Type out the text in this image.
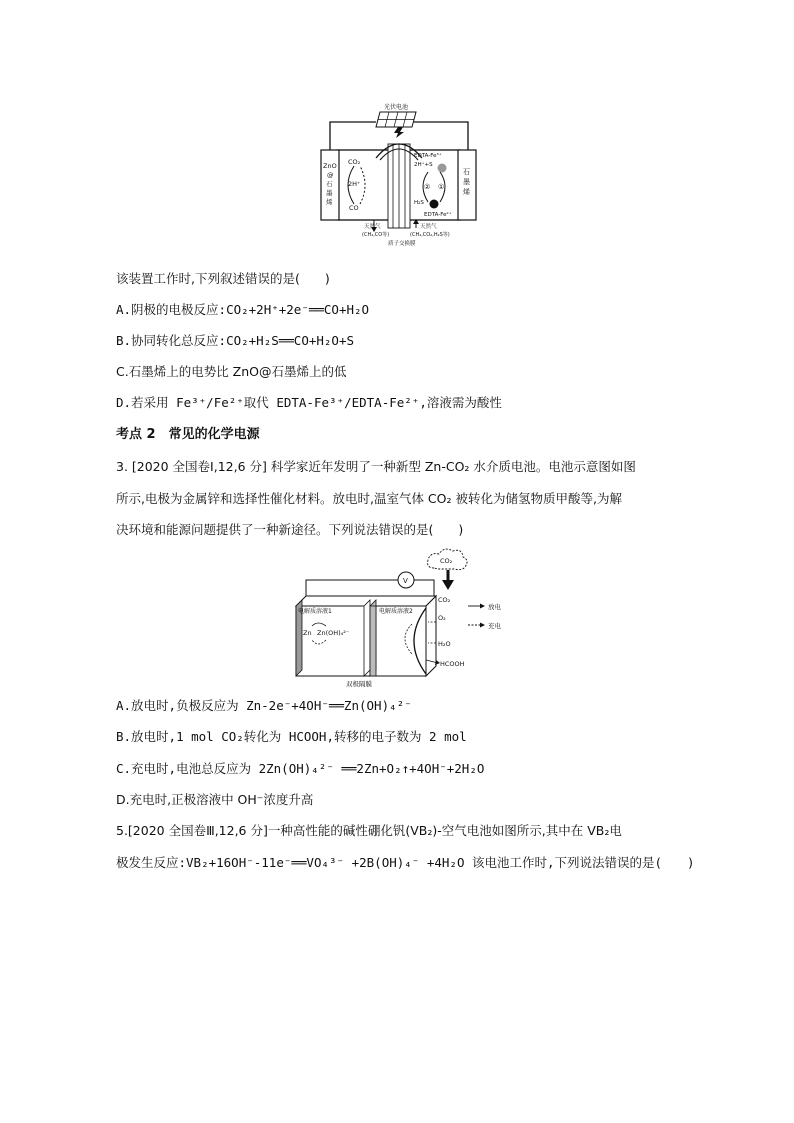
光伏电池
ZnO @ 石 墨 烯
石 墨 烯
CO₂
2H⁺
CO
EDTA-Fe³⁺
2H⁺+S
② ①
H₂S
EDTA-Fe²⁺
天然气
(CH₄,CO等)
天然气
(CH₄,CO₂,H₂S等)
质子交换膜
该装置工作时,下列叙述错误的是(　　)
A.阴极的电极反应:CO₂+2H⁺+2e⁻══CO+H₂O
B.协同转化总反应:CO₂+H₂S══CO+H₂O+S
C.石墨烯上的电势比 ZnO@石墨烯上的低
D.若采用 Fe³⁺/Fe²⁺取代 EDTA-Fe³⁺/EDTA-Fe²⁺,溶液需为酸性
考点 2　常见的化学电源
3. [2020 全国卷Ⅰ,12,6 分] 科学家近年发明了一种新型 Zn-CO₂ 水介质电池。电池示意图如图
所示,电极为金属锌和选择性催化材料。放电时,温室气体 CO₂ 被转化为储氢物质甲酸等,为解
决环境和能源问题提供了一种新途径。下列说法错误的是(　　)
CO₂
V
电解质溶液1	电解质溶液2
Zn Zn(OH)₄²⁻
CO₂
O₂
H₂O
HCOOH
放电
充电
双极隔膜
A.放电时,负极反应为 Zn-2e⁻+4OH⁻══Zn(OH)₄²⁻
B.放电时,1 mol CO₂转化为 HCOOH,转移的电子数为 2 mol
C.充电时,电池总反应为 2Zn(OH)₄²⁻ ══2Zn+O₂↑+4OH⁻+2H₂O
D.充电时,正极溶液中 OH⁻浓度升高
5.[2020 全国卷Ⅲ,12,6 分]一种高性能的碱性硼化钒(VB₂)-空气电池如图所示,其中在 VB₂电
极发生反应:VB₂+16OH⁻-11e⁻══VO₄³⁻ +2B(OH)₄⁻ +4H₂O 该电池工作时,下列说法错误的是(　　)
